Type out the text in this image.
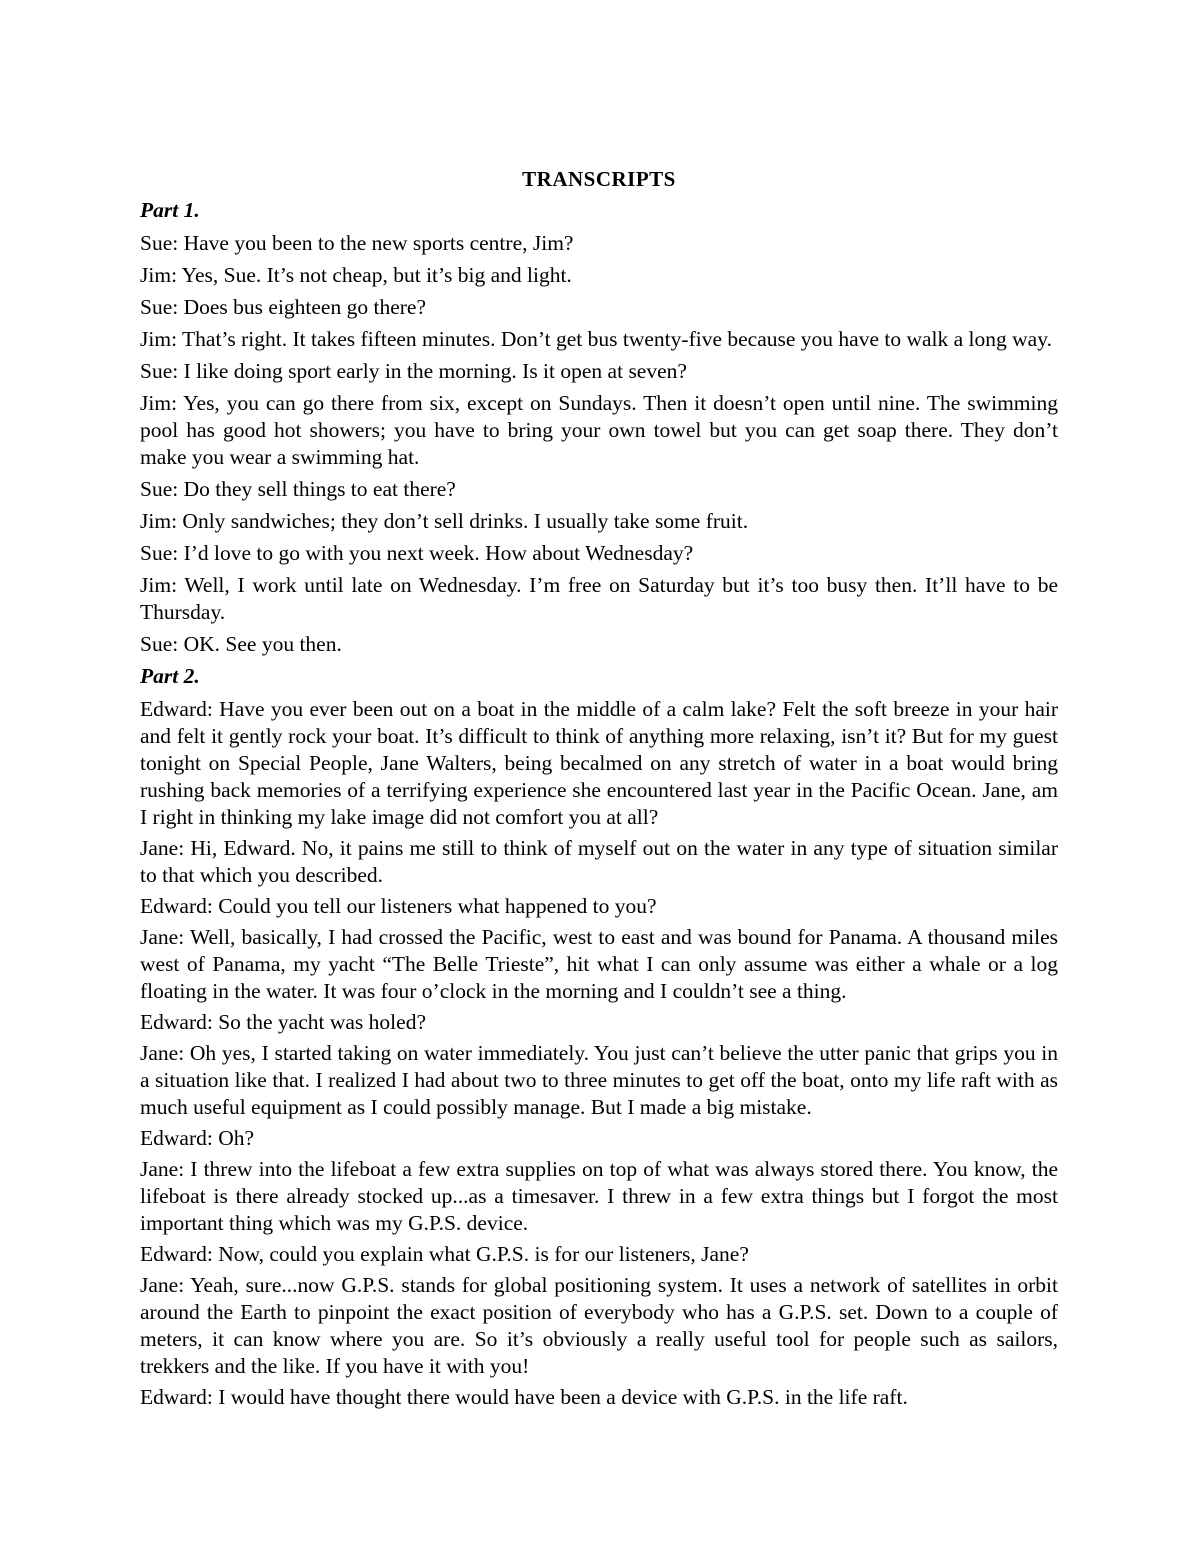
TRANSCRIPTS
Part 1.
Sue: Have you been to the new sports centre, Jim?
Jim: Yes, Sue. It’s not cheap, but it’s big and light.
Sue: Does bus eighteen go there?
Jim: That’s right. It takes fifteen minutes. Don’t get bus twenty-five because you have to walk a long way.
Sue: I like doing sport early in the morning. Is it open at seven?
Jim: Yes, you can go there from six, except on Sundays. Then it doesn’t open until nine. The swimming pool has good hot showers; you have to bring your own towel but you can get soap there. They don’t make you wear a swimming hat.
Sue: Do they sell things to eat there?
Jim: Only sandwiches; they don’t sell drinks. I usually take some fruit.
Sue: I’d love to go with you next week. How about Wednesday?
Jim: Well, I work until late on Wednesday. I’m free on Saturday but it’s too busy then. It’ll have to be Thursday.
Sue: OK. See you then.
Part 2.
Edward: Have you ever been out on a boat in the middle of a calm lake? Felt the soft breeze in your hair and felt it gently rock your boat. It’s difficult to think of anything more relaxing, isn’t it? But for my guest tonight on Special People, Jane Walters, being becalmed on any stretch of water in a boat would bring rushing back memories of a terrifying experience she encountered last year in the Pacific Ocean. Jane, am I right in thinking my lake image did not comfort you at all?
Jane: Hi, Edward. No, it pains me still to think of myself out on the water in any type of situation similar to that which you described.
Edward: Could you tell our listeners what happened to you?
Jane: Well, basically, I had crossed the Pacific, west to east and was bound for Panama. A thousand miles west of Panama, my yacht “The Belle Trieste”, hit what I can only assume was either a whale or a log floating in the water. It was four o’clock in the morning and I couldn’t see a thing.
Edward: So the yacht was holed?
Jane: Oh yes, I started taking on water immediately. You just can’t believe the utter panic that grips you in a situation like that. I realized I had about two to three minutes to get off the boat, onto my life raft with as much useful equipment as I could possibly manage. But I made a big mistake.
Edward: Oh?
Jane: I threw into the lifeboat a few extra supplies on top of what was always stored there. You know, the lifeboat is there already stocked up...as a timesaver. I threw in a few extra things but I forgot the most important thing which was my G.P.S. device.
Edward: Now, could you explain what G.P.S. is for our listeners, Jane?
Jane: Yeah, sure...now G.P.S. stands for global positioning system. It uses a network of satellites in orbit around the Earth to pinpoint the exact position of everybody who has a G.P.S. set. Down to a couple of meters, it can know where you are. So it’s obviously a really useful tool for people such as sailors, trekkers and the like. If you have it with you!
Edward: I would have thought there would have been a device with G.P.S. in the life raft.
